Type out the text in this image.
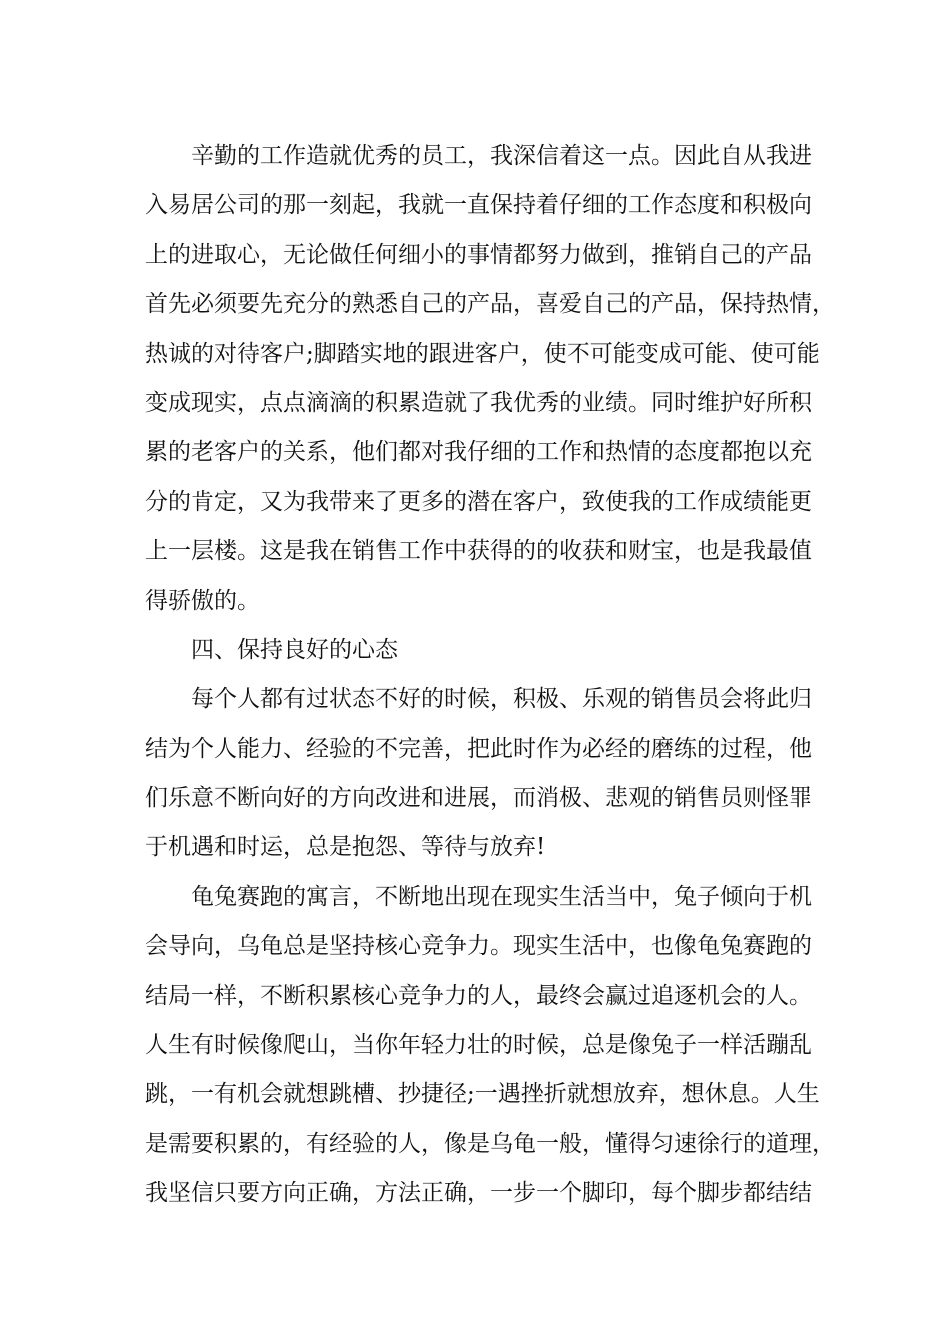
辛勤的工作造就优秀的员工，我深信着这一点。因此自从我进
入易居公司的那一刻起，我就一直保持着仔细的工作态度和积极向
上的进取心，无论做任何细小的事情都努力做到，推销自己的产品
首先必须要先充分的熟悉自己的产品，喜爱自己的产品，保持热情，
热诚的对待客户;脚踏实地的跟进客户，使不可能变成可能、使可能
变成现实，点点滴滴的积累造就了我优秀的业绩。同时维护好所积
累的老客户的关系，他们都对我仔细的工作和热情的态度都抱以充
分的肯定，又为我带来了更多的潜在客户，致使我的工作成绩能更
上一层楼。这是我在销售工作中获得的的收获和财宝，也是我最值
得骄傲的。
四、保持良好的心态
每个人都有过状态不好的时候，积极、乐观的销售员会将此归
结为个人能力、经验的不完善，把此时作为必经的磨练的过程，他
们乐意不断向好的方向改进和进展，而消极、悲观的销售员则怪罪
于机遇和时运，总是抱怨、等待与放弃!
龟兔赛跑的寓言，不断地出现在现实生活当中，兔子倾向于机
会导向，乌龟总是坚持核心竞争力。现实生活中，也像龟兔赛跑的
结局一样，不断积累核心竞争力的人，最终会赢过追逐机会的人。
人生有时候像爬山，当你年轻力壮的时候，总是像兔子一样活蹦乱
跳，一有机会就想跳槽、抄捷径;一遇挫折就想放弃，想休息。人生
是需要积累的，有经验的人，像是乌龟一般，懂得匀速徐行的道理，
我坚信只要方向正确，方法正确，一步一个脚印，每个脚步都结结
